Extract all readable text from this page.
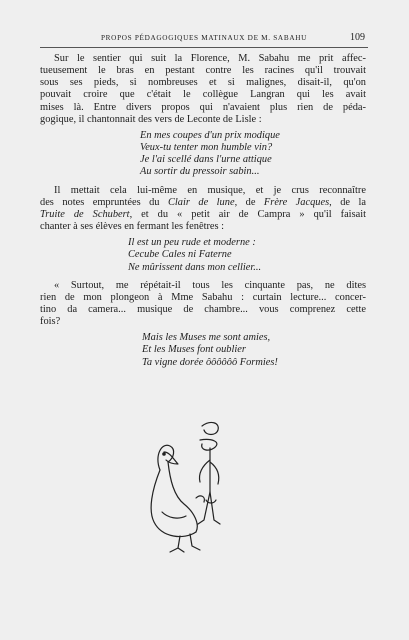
PROPOS PÉDAGOGIQUES MATINAUX DE M. SABAHU	109

Sur le sentier qui suit la Florence, M. Sabahu me prit affec-
tueusement le bras en pestant contre les racines qu'il trouvait
sous ses pieds, si nombreuses et si malignes, disait-il, qu'on
pouvait croire que c'était le collègue Langran qui les avait
mises là. Entre divers propos qui n'avaient plus rien de péda-
gogique, il chantonnait des vers de Leconte de Lisle :

En mes coupes d'un prix modique
Veux-tu tenter mon humble vin?
Je l'ai scellé dans l'urne attique
Au sortir du pressoir sabin...

Il mettait cela lui-même en musique, et je crus reconnaître
des notes empruntées du Clair de lune, de Frère Jacques, de la
Truite de Schubert, et du « petit air de Campra » qu'il faisait
chanter à ses élèves en fermant les fenêtres :

Il est un peu rude et moderne :
Cecube Cales ni Faterne
Ne mûrissent dans mon cellier...

« Surtout, me répétait-il tous les cinquante pas, ne dites
rien de mon plongeon à Mme Sabahu : curtain lecture... concer-
tino da camera... musique de chambre... vous comprenez cette
fois?

Mais les Muses me sont amies,
Et les Muses font oublier
Ta vigne dorée ôôôôôô Formies!
